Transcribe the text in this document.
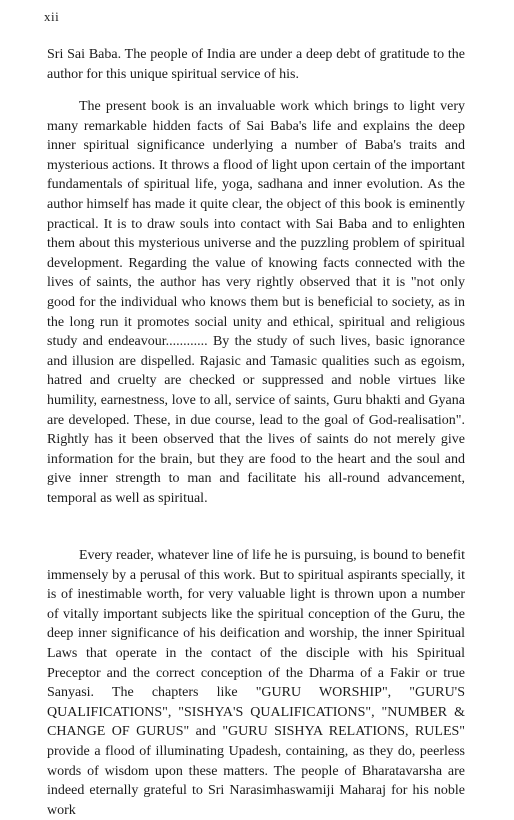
xii

Sri Sai Baba. The people of India are under a deep debt of gratitude to the author for this unique spiritual service of his.

The present book is an invaluable work which brings to light very many remarkable hidden facts of Sai Baba's life and explains the deep inner spiritual significance underlying a number of Baba's traits and mysterious actions. It throws a flood of light upon certain of the important fundamentals of spiritual life, yoga, sadhana and inner evolution. As the author himself has made it quite clear, the object of this book is eminently practical. It is to draw souls into contact with Sai Baba and to enlighten them about this mysterious universe and the puzzling problem of spiritual development. Regarding the value of knowing facts connected with the lives of saints, the author has very rightly observed that it is "not only good for the individual who knows them but is beneficial to society, as in the long run it promotes social unity and ethical, spiritual and religious study and endeavour............ By the study of such lives, basic ignorance and illusion are dispelled. Rajasic and Tamasic qualities such as egoism, hatred and cruelty are checked or suppressed and noble virtues like humility, earnestness, love to all, service of saints, Guru bhakti and Gyana are developed. These, in due course, lead to the goal of God-realisation". Rightly has it been observed that the lives of saints do not merely give information for the brain, but they are food to the heart and the soul and give inner strength to man and facilitate his all-round advancement, temporal as well as spiritual.

Every reader, whatever line of life he is pursuing, is bound to benefit immensely by a perusal of this work. But to spiritual aspirants specially, it is of inestimable worth, for very valuable light is thrown upon a number of vitally important subjects like the spiritual conception of the Guru, the deep inner significance of his deification and worship, the inner Spiritual Laws that operate in the contact of the disciple with his Spiritual Preceptor and the correct conception of the Dharma of a Fakir or true Sanyasi. The chapters like "GURU WORSHIP", "GURU'S QUALIFICATIONS", "SISHYA'S QUALIFICATIONS", "NUMBER & CHANGE OF GURUS" and "GURU SISHYA RELATIONS, RULES" provide a flood of illuminating Upadesh, containing, as they do, peerless words of wisdom upon these matters. The people of Bharatavarsha are indeed eternally grateful to Sri Narasimhaswamiji Maharaj for his noble work
